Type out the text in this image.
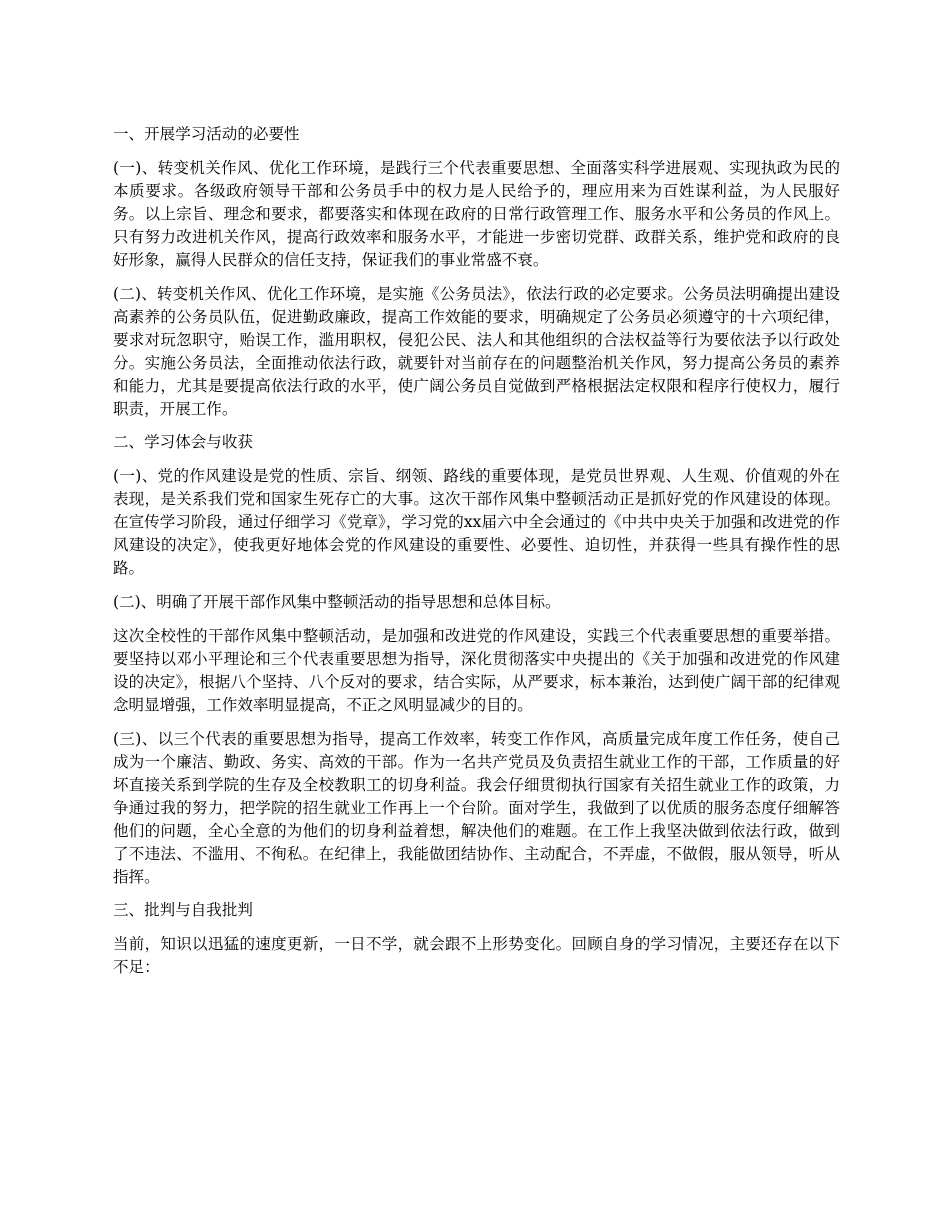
一、开展学习活动的必要性

(一)、转变机关作风、优化工作环境，是践行三个代表重要思想、全面落实科学进展观、实现执政为民的本质要求。各级政府领导干部和公务员手中的权力是人民给予的，理应用来为百姓谋利益，为人民服好务。以上宗旨、理念和要求，都要落实和体现在政府的日常行政管理工作、服务水平和公务员的作风上。只有努力改进机关作风，提高行政效率和服务水平，才能进一步密切党群、政群关系，维护党和政府的良好形象，赢得人民群众的信任支持，保证我们的事业常盛不衰。

(二)、转变机关作风、优化工作环境，是实施《公务员法》，依法行政的必定要求。公务员法明确提出建设高素养的公务员队伍，促进勤政廉政，提高工作效能的要求，明确规定了公务员必须遵守的十六项纪律，要求对玩忽职守，贻误工作，滥用职权，侵犯公民、法人和其他组织的合法权益等行为要依法予以行政处分。实施公务员法，全面推动依法行政，就要针对当前存在的问题整治机关作风，努力提高公务员的素养和能力，尤其是要提高依法行政的水平，使广阔公务员自觉做到严格根据法定权限和程序行使权力，履行职责，开展工作。

二、学习体会与收获

(一)、党的作风建设是党的性质、宗旨、纲领、路线的重要体现，是党员世界观、人生观、价值观的外在表现，是关系我们党和国家生死存亡的大事。这次干部作风集中整顿活动正是抓好党的作风建设的体现。在宣传学习阶段，通过仔细学习《党章》，学习党的xx届六中全会通过的《中共中央关于加强和改进党的作风建设的决定》，使我更好地体会党的作风建设的重要性、必要性、迫切性，并获得一些具有操作性的思路。

(二)、明确了开展干部作风集中整顿活动的指导思想和总体目标。

这次全校性的干部作风集中整顿活动，是加强和改进党的作风建设，实践三个代表重要思想的重要举措。要坚持以邓小平理论和三个代表重要思想为指导，深化贯彻落实中央提出的《关于加强和改进党的作风建设的决定》，根据八个坚持、八个反对的要求，结合实际，从严要求，标本兼治，达到使广阔干部的纪律观念明显增强，工作效率明显提高，不正之风明显减少的目的。

(三)、以三个代表的重要思想为指导，提高工作效率，转变工作作风，高质量完成年度工作任务，使自己成为一个廉洁、勤政、务实、高效的干部。作为一名共产党员及负责招生就业工作的干部，工作质量的好坏直接关系到学院的生存及全校教职工的切身利益。我会仔细贯彻执行国家有关招生就业工作的政策，力争通过我的努力，把学院的招生就业工作再上一个台阶。面对学生，我做到了以优质的服务态度仔细解答他们的问题，全心全意的为他们的切身利益着想，解决他们的难题。在工作上我坚决做到依法行政，做到了不违法、不滥用、不徇私。在纪律上，我能做团结协作、主动配合，不弄虚，不做假，服从领导，听从指挥。

三、批判与自我批判

当前，知识以迅猛的速度更新，一日不学，就会跟不上形势变化。回顾自身的学习情况，主要还存在以下不足：
